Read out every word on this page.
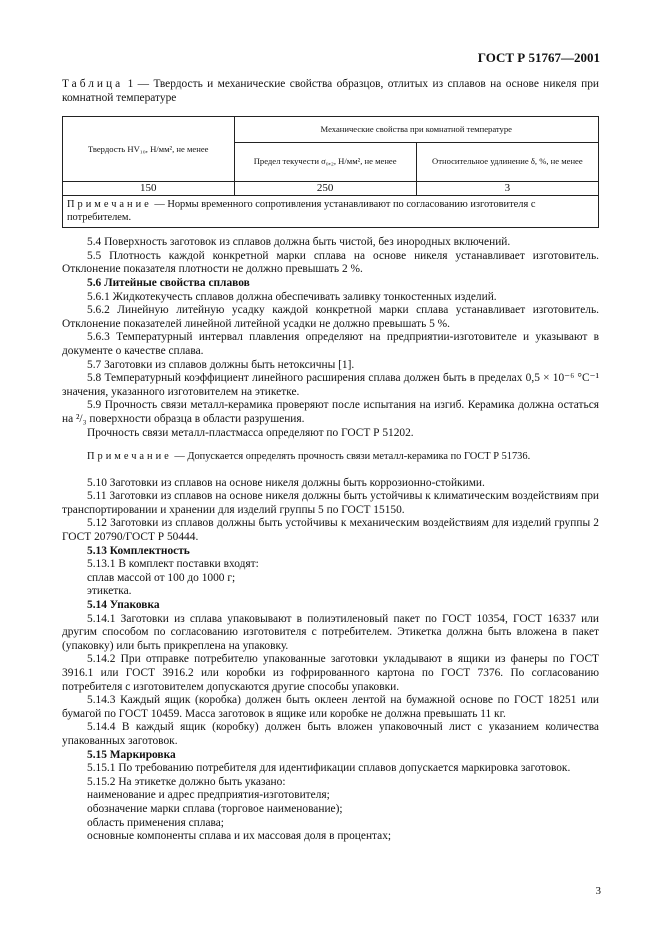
ГОСТ Р 51767—2001

Таблица 1 — Твердость и механические свойства образцов, отлитых из сплавов на основе никеля при комнатной температуре

Твердость HV₁₀, Н/мм², не менее	Механические свойства при комнатной температуре	
	Предел текучести σ₀,₂, Н/мм², не менее	Относительное удлинение δ, %, не менее
150	250	3
Примечание — Нормы временного сопротивления устанавливают по согласованию изготовителя с потребителем.		

5.4 Поверхность заготовок из сплавов должна быть чистой, без инородных включений.

5.5 Плотность каждой конкретной марки сплава на основе никеля устанавливает изготовитель. Отклонение показателя плотности не должно превышать 2 %.

5.6 Литейные свойства сплавов

5.6.1 Жидкотекучесть сплавов должна обеспечивать заливку тонкостенных изделий.

5.6.2 Линейную литейную усадку каждой конкретной марки сплава устанавливает изготовитель. Отклонение показателей линейной литейной усадки не должно превышать 5 %.

5.6.3 Температурный интервал плавления определяют на предприятии-изготовителе и указывают в документе о качестве сплава.

5.7 Заготовки из сплавов должны быть нетоксичны [1].

5.8 Температурный коэффициент линейного расширения сплава должен быть в пределах 0,5 × 10⁻⁶ °С⁻¹ значения, указанного изготовителем на этикетке.

5.9 Прочность связи металл-керамика проверяют после испытания на изгиб. Керамика должна остаться на ²/₃ поверхности образца в области разрушения.

Прочность связи металл-пластмасса определяют по ГОСТ Р 51202.

Примечание — Допускается определять прочность связи металл-керамика по ГОСТ Р 51736.

5.10 Заготовки из сплавов на основе никеля должны быть коррозионно-стойкими.

5.11 Заготовки из сплавов на основе никеля должны быть устойчивы к климатическим воздействиям при транспортировании и хранении для изделий группы 5 по ГОСТ 15150.

5.12 Заготовки из сплавов должны быть устойчивы к механическим воздействиям для изделий группы 2 ГОСТ 20790/ГОСТ Р 50444.

5.13 Комплектность

5.13.1 В комплект поставки входят:

сплав массой от 100 до 1000 г;

этикетка.

5.14 Упаковка

5.14.1 Заготовки из сплава упаковывают в полиэтиленовый пакет по ГОСТ 10354, ГОСТ 16337 или другим способом по согласованию изготовителя с потребителем. Этикетка должна быть вложена в пакет (упаковку) или быть прикреплена на упаковку.

5.14.2 При отправке потребителю упакованные заготовки укладывают в ящики из фанеры по ГОСТ 3916.1 или ГОСТ 3916.2 или коробки из гофрированного картона по ГОСТ 7376. По согласованию потребителя с изготовителем допускаются другие способы упаковки.

5.14.3 Каждый ящик (коробка) должен быть оклеен лентой на бумажной основе по ГОСТ 18251 или бумагой по ГОСТ 10459. Масса заготовок в ящике или коробке не должна превышать 11 кг.

5.14.4 В каждый ящик (коробку) должен быть вложен упаковочный лист с указанием количества упакованных заготовок.

5.15 Маркировка

5.15.1 По требованию потребителя для идентификации сплавов допускается маркировка заготовок.

5.15.2 На этикетке должно быть указано:

наименование и адрес предприятия-изготовителя;

обозначение марки сплава (торговое наименование);

область применения сплава;

основные компоненты сплава и их массовая доля в процентах;

3
